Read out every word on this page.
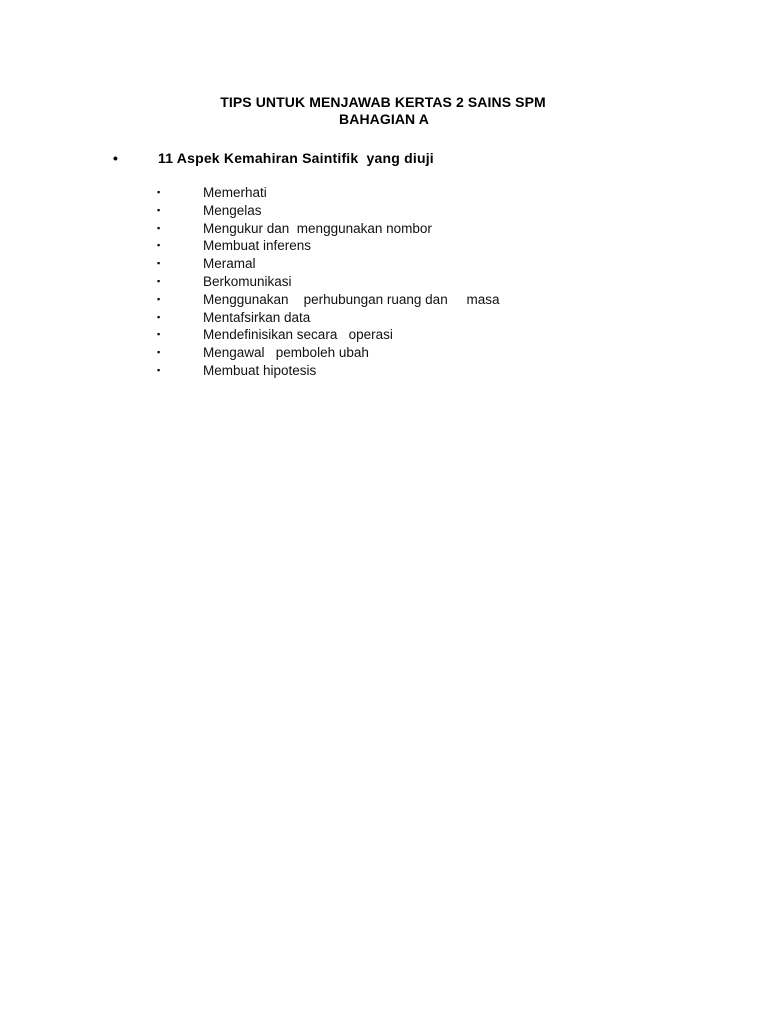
TIPS UNTUK MENJAWAB KERTAS 2 SAINS SPM

BAHAGIAN A

•	11 Aspek Kemahiran Saintifik  yang diuji
▪	Memerhati
▪	Mengelas
▪	Mengukur dan  menggunakan nombor
▪	Membuat inferens
▪	Meramal
▪	Berkomunikasi
▪	Menggunakan    perhubungan ruang dan     masa
▪	Mentafsirkan data
▪	Mendefinisikan secara   operasi
▪	Mengawal   pemboleh ubah
▪	Membuat hipotesis
